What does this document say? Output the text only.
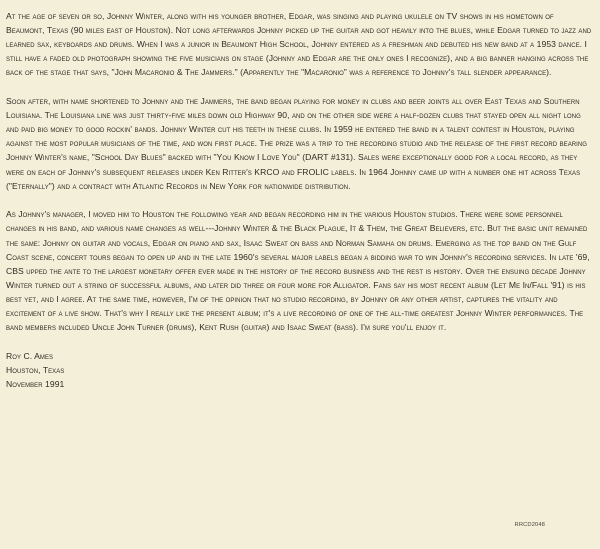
At the age of seven or so, Johnny Winter, along with his younger brother, Edgar, was singing and playing ukulele on TV shows in his hometown of Beaumont, Texas (90 miles east of Houston). Not long afterwards Johnny picked up the guitar and got heavily into the blues, while Edgar turned to jazz and learned sax, keyboards and drums. When I was a junior in Beaumont High School, Johnny entered as a freshman and debuted his new band at a 1953 dance. I still have a faded old photograph showing the five musicians on stage (Johnny and Edgar are the only ones I recognize), and a big banner hanging across the back of the stage that says, "John Macaronio & The Jammers." (Apparently the "Macaronio" was a reference to Johnny's tall slender appearance).

Soon after, with name shortened to Johnny and the Jammers, the band began playing for money in clubs and beer joints all over East Texas and Southern Louisiana. The Louisiana line was just thirty-five miles down old Highway 90, and on the other side were a half-dozen clubs that stayed open all night long and paid big money to good rockin' bands. Johnny Winter cut his teeth in these clubs. In 1959 he entered the band in a talent contest in Houston, playing against the most popular musicians of the time, and won first place. The prize was a trip to the recording studio and the release of the first record bearing Johnny Winter's name, "School Day Blues" backed with "You Know I Love You" (DART #131). Sales were exceptionally good for a local record, as they were on each of Johnny's subsequent releases under Ken Ritter's KRCO and FROLIC labels. In 1964 Johnny came up with a number one hit across Texas ("Eternally") and a contract with Atlantic Records in New York for nationwide distribution.

As Johnny's manager, I moved him to Houston the following year and began recording him in the various Houston studios. There were some personnel changes in his band, and various name changes as well---Johnny Winter & the Black Plague, It & Them, the Great Believers, etc. But the basic unit remained the same: Johnny on guitar and vocals, Edgar on piano and sax, Isaac Sweat on bass and Norman Samaha on drums. Emerging as the top band on the Gulf Coast scene, concert tours began to open up and in the late 1960's several major labels began a bidding war to win Johnny's recording services. In late '69, CBS upped the ante to the largest monetary offer ever made in the history of the record business and the rest is history. Over the ensuing decade Johnny Winter turned out a string of successful albums, and later did three or four more for Alligator. Fans say his most recent album (Let Me In/Fall '91) is his best yet, and I agree. At the same time, however, I'm of the opinion that no studio recording, by Johnny or any other artist, captures the vitality and excitement of a live show. That's why I really like the present album; it's a live recording of one of the all-time greatest Johnny Winter performances. The band members included Uncle John Turner (drums), Kent Rush (guitar) and Isaac Sweat (bass). I'm sure you'll enjoy it.

Roy C. Ames
Houston, Texas
November 1991
RRCD2048
